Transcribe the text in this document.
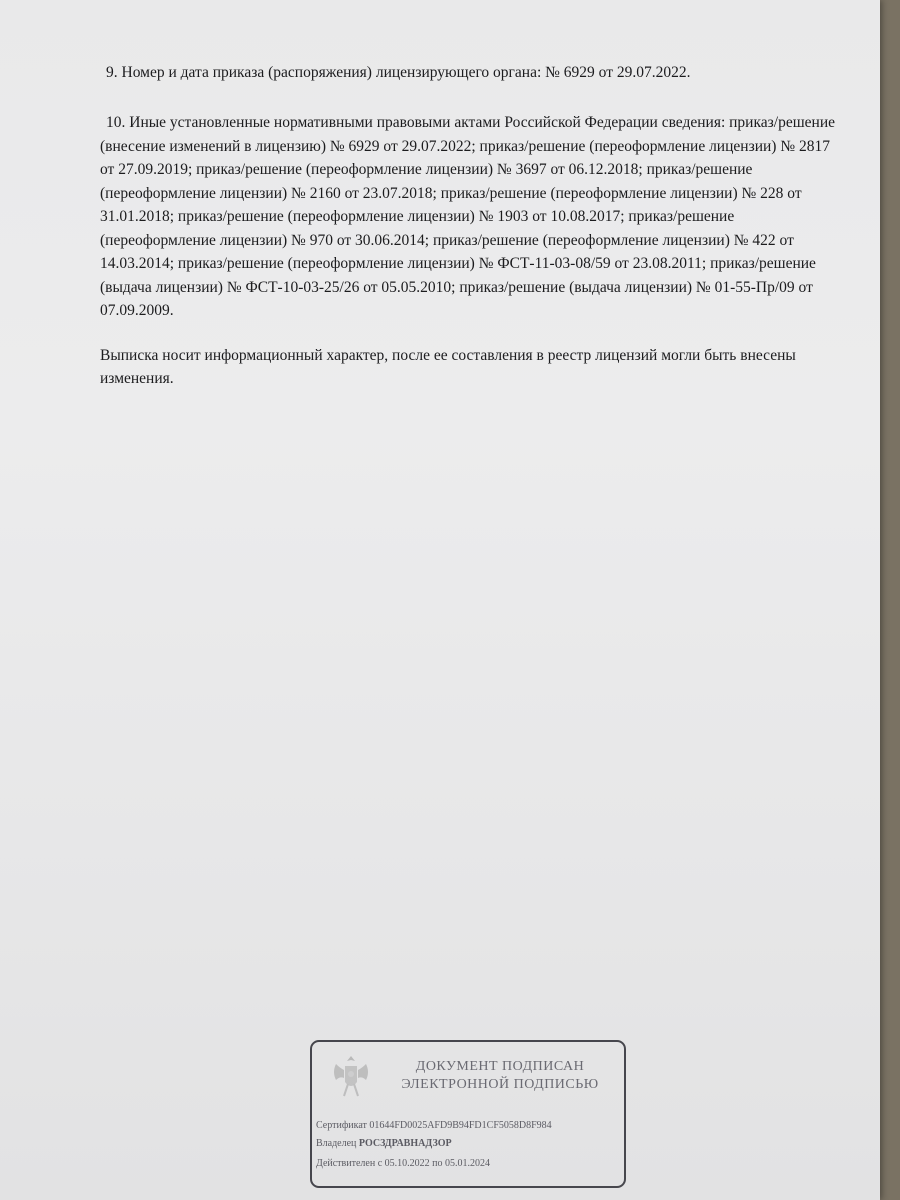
9. Номер и дата приказа (распоряжения) лицензирующего органа: № 6929 от 29.07.2022.

10. Иные установленные нормативными правовыми актами Российской Федерации сведения: приказ/решение (внесение изменений в лицензию) № 6929 от 29.07.2022; приказ/решение (переоформление лицензии) № 2817 от 27.09.2019; приказ/решение (переоформление лицензии) № 3697 от 06.12.2018; приказ/решение (переоформление лицензии) № 2160 от 23.07.2018; приказ/решение (переоформление лицензии) № 228 от 31.01.2018; приказ/решение (переоформление лицензии) № 1903 от 10.08.2017; приказ/решение (переоформление лицензии) № 970 от 30.06.2014; приказ/решение (переоформление лицензии) № 422 от 14.03.2014; приказ/решение (переоформление лицензии) № ФСТ-11-03-08/59 от 23.08.2011; приказ/решение (выдача лицензии) № ФСТ-10-03-25/26 от 05.05.2010; приказ/решение (выдача лицензии) № 01-55-Пр/09 от 07.09.2009.

Выписка носит информационный характер, после ее составления в реестр лицензий могли быть внесены изменения.

ДОКУМЕНТ ПОДПИСАН
ЭЛЕКТРОННОЙ ПОДПИСЬЮ
Сертификат 01644FD0025AFD9B94FD1CF5058D8F984
Владелец РОСЗДРАВНАДЗОР
Действителен с 05.10.2022 по 05.01.2024
